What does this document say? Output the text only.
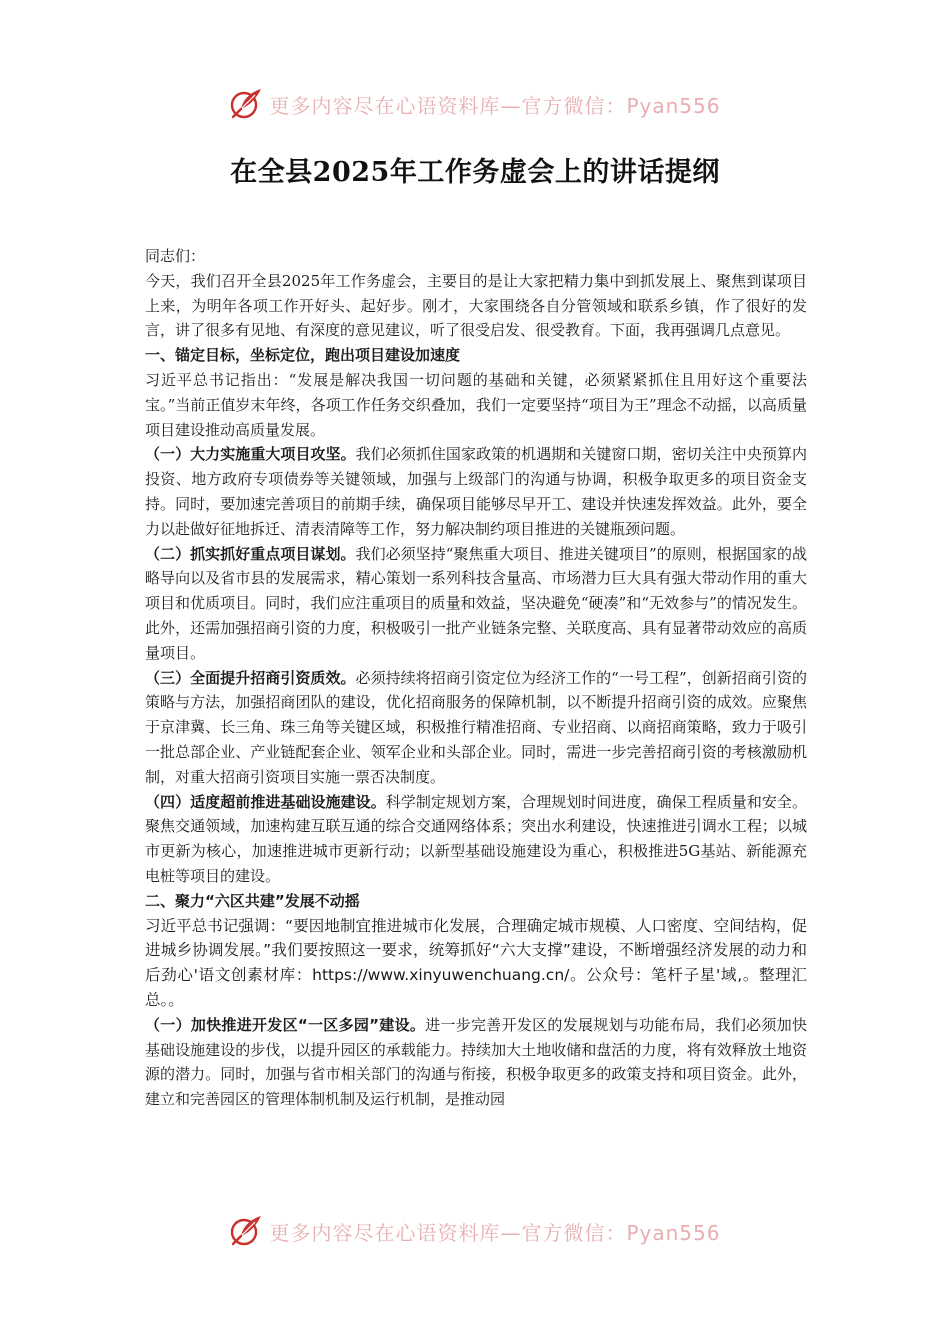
更多内容尽在心语资料库—官方微信：Pyan556
在全县2025年工作务虚会上的讲话提纲

同志们：

今天，我们召开全县2025年工作务虚会，主要目的是让大家把精力集中到抓发展上、聚焦到谋项目上来，为明年各项工作开好头、起好步。刚才，大家围绕各自分管领域和联系乡镇，作了很好的发言，讲了很多有见地、有深度的意见建议，听了很受启发、很受教育。下面，我再强调几点意见。

一、锚定目标，坐标定位，跑出项目建设加速度

习近平总书记指出：“发展是解决我国一切问题的基础和关键，必须紧紧抓住且用好这个重要法宝。”当前正值岁末年终，各项工作任务交织叠加，我们一定要坚持“项目为王”理念不动摇，以高质量项目建设推动高质量发展。

（一）大力实施重大项目攻坚。我们必须抓住国家政策的机遇期和关键窗口期，密切关注中央预算内投资、地方政府专项债券等关键领域，加强与上级部门的沟通与协调，积极争取更多的项目资金支持。同时，要加速完善项目的前期手续，确保项目能够尽早开工、建设并快速发挥效益。此外，要全力以赴做好征地拆迁、清表清障等工作，努力解决制约项目推进的关键瓶颈问题。

（二）抓实抓好重点项目谋划。我们必须坚持“聚焦重大项目、推进关键项目”的原则，根据国家的战略导向以及省市县的发展需求，精心策划一系列科技含量高、市场潜力巨大具有强大带动作用的重大项目和优质项目。同时，我们应注重项目的质量和效益，坚决避免“硬凑”和“无效参与”的情况发生。此外，还需加强招商引资的力度，积极吸引一批产业链条完整、关联度高、具有显著带动效应的高质量项目。

（三）全面提升招商引资质效。必须持续将招商引资定位为经济工作的“一号工程”，创新招商引资的策略与方法，加强招商团队的建设，优化招商服务的保障机制，以不断提升招商引资的成效。应聚焦于京津冀、长三角、珠三角等关键区域，积极推行精准招商、专业招商、以商招商策略，致力于吸引一批总部企业、产业链配套企业、领军企业和头部企业。同时，需进一步完善招商引资的考核激励机制，对重大招商引资项目实施一票否决制度。

（四）适度超前推进基础设施建设。科学制定规划方案，合理规划时间进度，确保工程质量和安全。聚焦交通领域，加速构建互联互通的综合交通网络体系；突出水利建设，快速推进引调水工程；以城市更新为核心，加速推进城市更新行动；以新型基础设施建设为重心，积极推进5G基站、新能源充电桩等项目的建设。

二、聚力“六区共建”发展不动摇

习近平总书记强调：“要因地制宜推进城市化发展，合理确定城市规模、人口密度、空间结构，促进城乡协调发展。”我们要按照这一要求，统筹抓好“六大支撑”建设，不断增强经济发展的动力和后劲心'语文创素材库：https://www.xinyuwenchuang.cn/。公众号：笔杆子星'域,。整理汇总。。

（一）加快推进开发区“一区多园”建设。进一步完善开发区的发展规划与功能布局，我们必须加快基础设施建设的步伐，以提升园区的承载能力。持续加大土地收储和盘活的力度，将有效释放土地资源的潜力。同时，加强与省市相关部门的沟通与衔接，积极争取更多的政策支持和项目资金。此外，建立和完善园区的管理体制机制及运行机制，是推动园

更多内容尽在心语资料库—官方微信：Pyan556
